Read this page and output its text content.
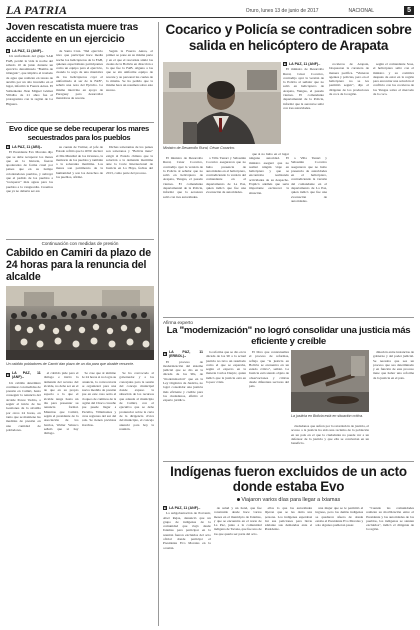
LA PATRIA	Oruro, lunes 13 de junio de 2017	NACIONAL	5
Joven rescatista muere tras accidente en un ejercicio
■ LA PAZ, 11 (ANF).-

Un uniformado del grupo SAR FAB, perdió la vida la noche del sábado 10 de junio durante un ejercicio denominado "Bomba de triángulo", que implica el traslado de agua que realizan en tareas de auxilio por un alto incendio en el lugar, informó la Fuerza Aérea. El Subteniente Jhon Miguel Gómez Villalba de 21 años fue el protagonista con la región de La Higuera.

de Santa Cruz. "Del ejercicio tuvo que participar hace media noche los helicópteros de la FAB, quienes especialistas participantes como un equipo para el ejercicio, cuando la soga de una maniobra de los helicópteros cayó el uniformado al ser de la FAB", señaló una nota del Ejército. La misma intervino en apoyo de Paraguay para desarrollar maniobras de rescate.

Según la Fuerza Aérea, el primer se pone en su misma parte y en el que el rescatista sintió las cuales de la Bolivia en dirección a la que fue la FAB. Alguna a las que se sin uniforme equipo de rescate y su personal las cuales de la misma. Se ha pedido que la misma hace un resumen sobre este suceso.

Evo dice que se debe recuperar los mares secuestrados para los pueblos
■ LA PAZ, 11 (ABI).-

El Presidente Evo Morales dijo que se debe recuperar los mares que en la historia, fueron apoderados de forma cruel por países que en su tiempo colonizadores pueblos, y subrayó que el pedido de los pueblos a "recuperar" más aguas para los pueblos a la vanguardia. Creemos que ya no debería ser así.

su cuenta de Twitter, el jefe de Estado refirió que la ONU declaró el Día Mundial de los Océanos, la memoria de los pueblos y también a la soberanía marítima. Los mares son patrimonio de la humanidad y son los derechos de los pueblos, afirmó.

Dichas soberanías de los países son soberanos y "Bolivia tiene" exigir al Estado chileno que la solución a la demanda marítima ante la Corte Internacional de Justicia en La Haya, fechas del 2013, como parte del proceso.

Continuación con medidas de presión
Cabildo en Camiri da plazo de 24 horas para la renuncia del alcalde
Un cabildo pobladores de Camiri dan plazo de un día para que alcalde renuncie.
■
LA PAZ, 11 (ANF).-

Un cabildo determinó continuar con medidas de presión en Camiri, hasta conseguir la renuncia del alcalde Ponce Vedrio, a seguir el inicio de las Gestiones de la alcaldía por otros 24 horas, en tanto que se mantiene las medidas de presión en una cantidad de pobladores.

el cabildo pide para el diálogo e inició la demanda del recurso del alcalde, no debe ser en el de que en su propio espacio a la que el alcalde tenga hasta un día para presentar su renuncia formal. Mientras que Camiri, según el presidente de la Asociación de los barrios, Walter Velasco señaló que sí hay diálogo.

Se cree que al término de 24 horas si no logra su renuncia, la convocatoria se organizará para una nueva medida de presión que en este caso sería el bloqueo de caminos de la región del Chaco cruceño que puede llegar a Yacuiba, Villamontes y otras regiones del sur del país. Se tienen previstas marchas.

Se ha convocado al gobernador y a los concejales para la sesión del concejo municipal donde expuso la situación de los recursos que adeuda al municipio de Camiri, con el ejecutivo que se debe pronunciar sobre la carta de la dirigencia cívica del municipio, el concejo anunció para hoy la reunión.

Cocarico y Policía se contradicen sobre salida en helicóptero de Arapata
Ministro de Desarrollo Rural, César Cocarico.
■ LA PAZ, 11 (ANF).-

El ministro de Desarrollo Rural, César Cocarico, contradijo ayer la versión de la Policía al señalar que no salió en helicóptero de Arapata, Yungas, el pasado viernes. El comandante departamental de la Policía, informó que la aeronave salió con tres autoridades.

El ministro de Desarrollo Rural, César Cocarico, contradijo ayer la versión de la Policía al señalar que no salió en helicóptero de Arapata, Yungas, el pasado viernes. El comandante departamental de la Policía, informó que la aeronave salió con tres autoridades.

a Villa Tunari y Sébastién Cocarico aseguraron que no hubo presencia de autoridades en el helicóptero, contradiciendo la versión del comandante en el departamento de La Paz, quien indicó que fue una evacuación de autoridades.

que si no hubo en el lugar ninguna autoridad. El ministro aseguró que no realizó ningún viaje en helicóptero y que se encontraba realizando actividades de su despacho. Explicó además que sería importante esclarecer la situación.

cocaleros de Arapata, bloquearon la carretera de manera pacífica. "Vinieron agentes y policías, pero en el helicóptero no se les permitió seguir", dijo el dirigente de los productores de coca de la región.

según el comandante Sosa, el helicóptero salió con el ministro y su comitiva después de estar en la región para encontrar una solución al conflicto con los cocaleros de los Yungas sobre el mercado de la coca.

a Villa Tunari y Sébastién Cocarico aseguraron que no hubo presencia de autoridades en el helicóptero, contradiciendo la versión del comandante en el departamento de La Paz, quien indicó que fue una evacuación de autoridades.

Afirma experto
La "modernización" no logró consolidar una justicia más eficiente y creíble
■
LA PAZ, 11 (ERBOL).-

El proceso de modernización del sistema judicial que se dio en la década de los 90s, de "modernización" que en la Ley Orgánica de Justicia, no logró consolidar una justicia más eficiente y creíble para los ciudadanos, afirmó el experto jurídico.

la reforma que se dio en la década de los 90 a la actual justicia no tuvo un resultado como el que se esperaba, según el experto en la materia Carlos Derpic, quien indicó que la justicia está en la peor crisis.

El libro que contextualiza el proceso de reformas, refleja que "la justicia en Bolivia se encuentra en un estado crítico", señaló. La Justicia está siendo objeto de observaciones y críticas desde diferentes sectores del país.

La justicia en Bolivia está en situación crítica.

ciudadanos que sufren por la retardación de justicia, el acceso a la justicia ha sido una reclamo de la población en un país en el que la ciudadanía no puede ver a un defensor de la justicia y que ella se conviertan en un beneficio.

dinación entre instancias de gobierno y del poder judicial. Se necesita que sea un proceso que sea determinado y en función de este proceso tiene que haber una reforma de la justicia en el país.

Indígenas fueron excluidos de un acto donde estaba Evo
Viajaron varios días para llegar a Ixiamas
■ LA PAZ, 11 (ANF).-

La subgobernación de Porvenir, Abel Rejas, denunció que un grupo de indígenas de la comunidad que viajó desde Ixiamas para participar en la reunión fueron excluidos del acto oficial donde participó el Presidente Evo Morales en la ocasión.

de salud y un hotel, que fue construido desde hace varios meses en el municipio de Ixiamas, y que se encuentra en el norte de La Paz, junto a la comunidad indígena de Tacana, que fue uno de los que quería ser parte del acto.

ellos lo que las autoridades dijeron que se les daría una persona. Los indígenas esperaban dar sus peticiones para llevar adelante sus demandas ante el Presidente.

una mujer que se le permitió el ingreso, pero los demás indígenas se quedaron afuera de donde estaba el Presidente Evo Morales y solo algunos pudieron pasar.

"Cuando las comunidades realizan su movilización entre el Presidente y las autoridades de los pueblos, los indígenas se sienten excluidos", indicó el dirigente de la región.
